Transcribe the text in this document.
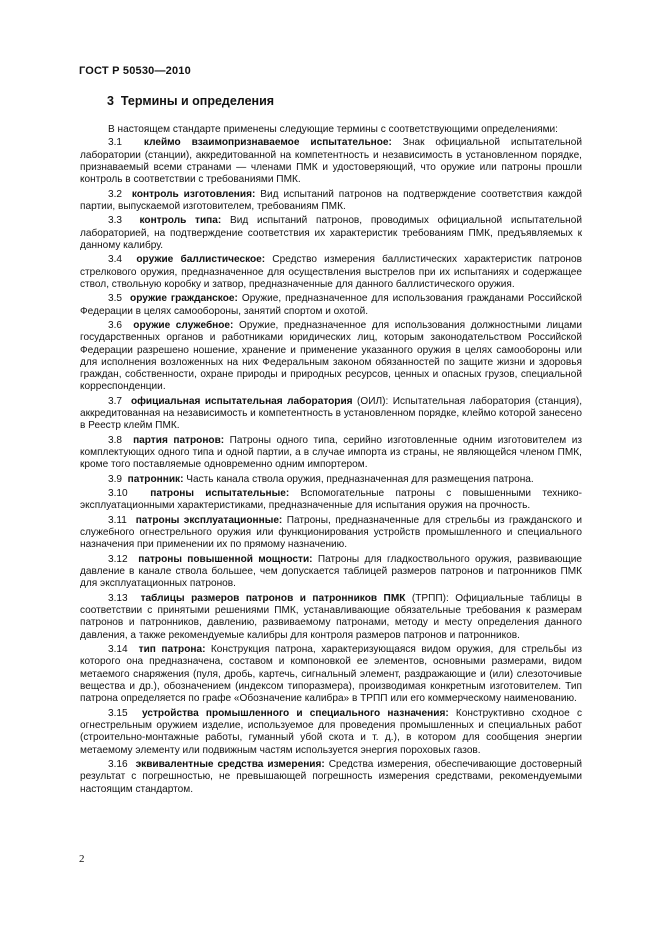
ГОСТ Р 50530—2010
3 Термины и определения

В настоящем стандарте применены следующие термины с соответствующими определениями:

3.1 клеймо взаимопризнаваемое испытательное: Знак официальной испытательной лаборатории (станции), аккредитованной на компетентность и независимость в установленном порядке, признаваемый всеми странами — членами ПМК и удостоверяющий, что оружие или патроны прошли контроль в соответствии с требованиями ПМК.

3.2 контроль изготовления: Вид испытаний патронов на подтверждение соответствия каждой партии, выпускаемой изготовителем, требованиям ПМК.

3.3 контроль типа: Вид испытаний патронов, проводимых официальной испытательной лабораторией, на подтверждение соответствия их характеристик требованиям ПМК, предъявляемых к данному калибру.

3.4 оружие баллистическое: Средство измерения баллистических характеристик патронов стрелкового оружия, предназначенное для осуществления выстрелов при их испытаниях и содержащее ствол, ствольную коробку и затвор, предназначенные для данного баллистического оружия.

3.5 оружие гражданское: Оружие, предназначенное для использования гражданами Российской Федерации в целях самообороны, занятий спортом и охотой.

3.6 оружие служебное: Оружие, предназначенное для использования должностными лицами государственных органов и работниками юридических лиц, которым законодательством Российской Федерации разрешено ношение, хранение и применение указанного оружия в целях самообороны или для исполнения возложенных на них Федеральным законом обязанностей по защите жизни и здоровья граждан, собственности, охране природы и природных ресурсов, ценных и опасных грузов, специальной корреспонденции.

3.7 официальная испытательная лаборатория (ОИЛ): Испытательная лаборатория (станция), аккредитованная на независимость и компетентность в установленном порядке, клеймо которой занесено в Реестр клейм ПМК.

3.8 партия патронов: Патроны одного типа, серийно изготовленные одним изготовителем из комплектующих одного типа и одной партии, а в случае импорта из страны, не являющейся членом ПМК, кроме того поставляемые одновременно одним импортером.

3.9 патронник: Часть канала ствола оружия, предназначенная для размещения патрона.

3.10 патроны испытательные: Вспомогательные патроны с повышенными технико-эксплуатационными характеристиками, предназначенные для испытания оружия на прочность.

3.11 патроны эксплуатационные: Патроны, предназначенные для стрельбы из гражданского и служебного огнестрельного оружия или функционирования устройств промышленного и специального назначения при применении их по прямому назначению.

3.12 патроны повышенной мощности: Патроны для гладкоствольного оружия, развивающие давление в канале ствола большее, чем допускается таблицей размеров патронов и патронников ПМК для эксплуатационных патронов.

3.13 таблицы размеров патронов и патронников ПМК (ТРПП): Официальные таблицы в соответствии с принятыми решениями ПМК, устанавливающие обязательные требования к размерам патронов и патронников, давлению, развиваемому патронами, методу и месту определения данного давления, а также рекомендуемые калибры для контроля размеров патронов и патронников.

3.14 тип патрона: Конструкция патрона, характеризующаяся видом оружия, для стрельбы из которого она предназначена, составом и компоновкой ее элементов, основными размерами, видом метаемого снаряжения (пуля, дробь, картечь, сигнальный элемент, раздражающие и (или) слезоточивые вещества и др.), обозначением (индексом типоразмера), производимая конкретным изготовителем. Тип патрона определяется по графе «Обозначение калибра» в ТРПП или его коммерческому наименованию.

3.15 устройства промышленного и специального назначения: Конструктивно сходное с огнестрельным оружием изделие, используемое для проведения промышленных и специальных работ (строительно-монтажные работы, гуманный убой скота и т. д.), в котором для сообщения энергии метаемому элементу или подвижным частям используется энергия пороховых газов.

3.16 эквивалентные средства измерения: Средства измерения, обеспечивающие достоверный результат с погрешностью, не превышающей погрешность измерения средствами, рекомендуемыми настоящим стандартом.

2
